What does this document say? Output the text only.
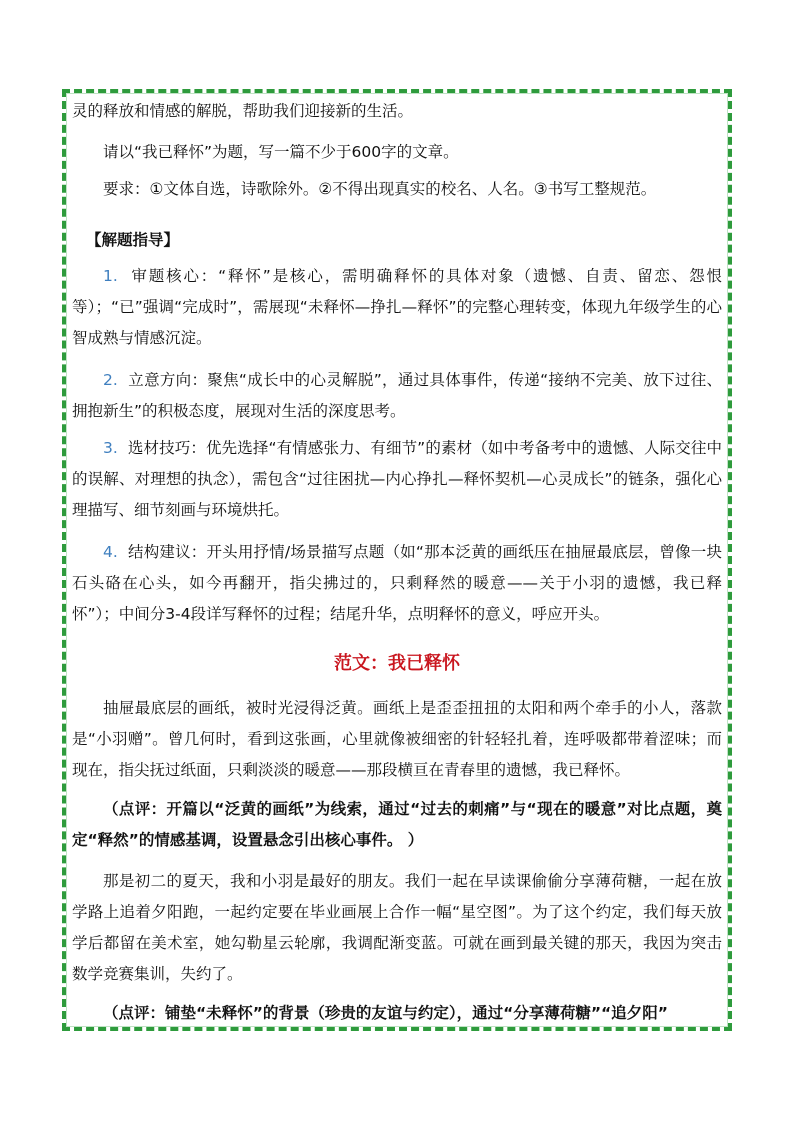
灵的释放和情感的解脱，帮助我们迎接新的生活。

请以“我已释怀”为题，写一篇不少于600字的文章。

要求：①文体自选，诗歌除外。②不得出现真实的校名、人名。③书写工整规范。

【解题指导】

1. 审题核心：“释怀”是核心，需明确释怀的具体对象（遗憾、自责、留恋、怨恨等）；“已”强调“完成时”，需展现“未释怀—挣扎—释怀”的完整心理转变，体现九年级学生的心智成熟与情感沉淀。

2. 立意方向：聚焦“成长中的心灵解脱”，通过具体事件，传递“接纳不完美、放下过往、拥抱新生”的积极态度，展现对生活的深度思考。

3. 选材技巧：优先选择“有情感张力、有细节”的素材（如中考备考中的遗憾、人际交往中的误解、对理想的执念），需包含“过往困扰—内心挣扎—释怀契机—心灵成长”的链条，强化心理描写、细节刻画与环境烘托。

4. 结构建议：开头用抒情/场景描写点题（如“那本泛黄的画纸压在抽屉最底层，曾像一块石头硌在心头，如今再翻开，指尖拂过的，只剩释然的暖意——关于小羽的遗憾，我已释怀”）；中间分3-4段详写释怀的过程；结尾升华，点明释怀的意义，呼应开头。

范文：我已释怀

抽屉最底层的画纸，被时光浸得泛黄。画纸上是歪歪扭扭的太阳和两个牵手的小人，落款是“小羽赠”。曾几何时，看到这张画，心里就像被细密的针轻轻扎着，连呼吸都带着涩味；而现在，指尖抚过纸面，只剩淡淡的暖意——那段横亘在青春里的遗憾，我已释怀。

（点评：开篇以“泛黄的画纸”为线索，通过“过去的刺痛”与“现在的暖意”对比点题，奠定“释然”的情感基调，设置悬念引出核心事件。 ）

那是初二的夏天，我和小羽是最好的朋友。我们一起在早读课偷偷分享薄荷糖，一起在放学路上追着夕阳跑，一起约定要在毕业画展上合作一幅“星空图”。为了这个约定，我们每天放学后都留在美术室，她勾勒星云轮廓，我调配渐变蓝。可就在画到最关键的那天，我因为突击数学竞赛集训，失约了。

（点评：铺垫“未释怀”的背景（珍贵的友谊与约定），通过“分享薄荷糖”“追夕阳”
